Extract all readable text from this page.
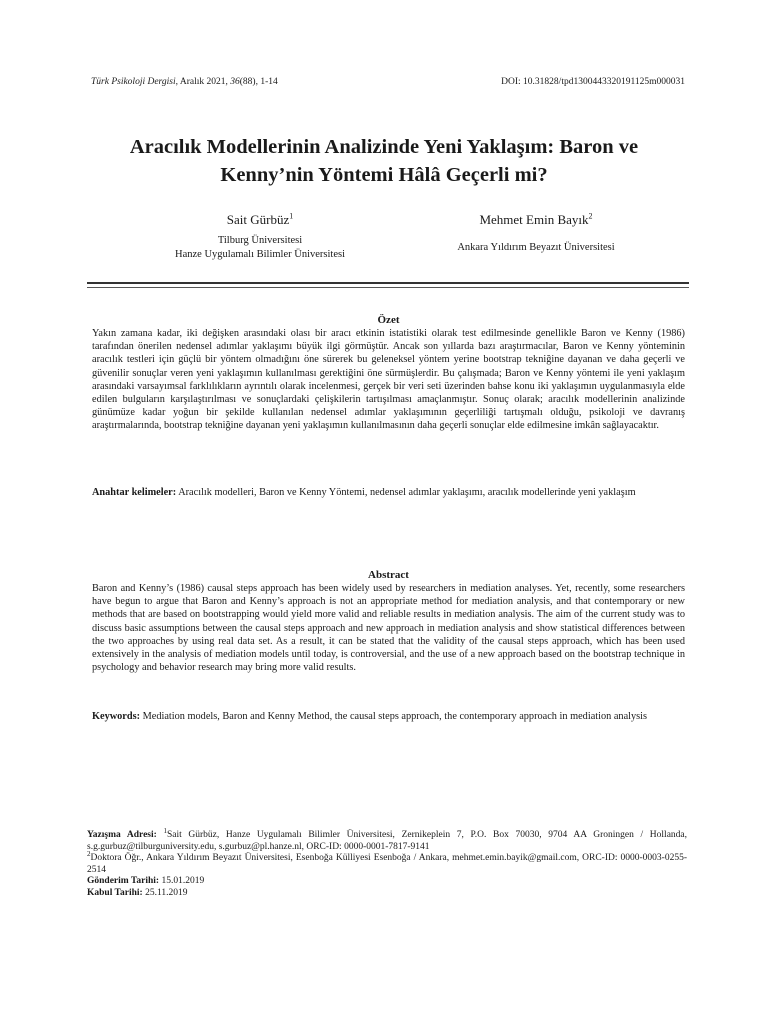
Türk Psikoloji Dergisi, Aralık 2021, 36(88), 1-14	DOI: 10.31828/tpd1300443320191125m000031
Aracılık Modellerinin Analizinde Yeni Yaklaşım: Baron ve
Kenny’nin Yöntemi Hâlâ Geçerli mi?
Sait Gürbüz$^1$
Tilburg Üniversitesi
Hanze Uygulamalı Bilimler Üniversitesi
Mehmet Emin Bayık$^2$
Ankara Yıldırım Beyazıt Üniversitesi

Özet

Yakın zamana kadar, iki değişken arasındaki olası bir aracı etkinin istatistiki olarak test edilmesinde genellikle Baron ve Kenny (1986) tarafından önerilen nedensel adımlar yaklaşımı büyük ilgi görmüştür. Ancak son yıllarda bazı araştırmacılar, Baron ve Kenny yönteminin aracılık testleri için güçlü bir yöntem olmadığını öne sürerek bu geleneksel yöntem yerine bootstrap tekniğine dayanan ve daha geçerli ve güvenilir sonuçlar veren yeni yaklaşımın kullanılması gerektiğini öne sürmüşlerdir. Bu çalışmada; Baron ve Kenny yöntemi ile yeni yaklaşım arasındaki varsayımsal farklılıkların ayrıntılı olarak incelenmesi, gerçek bir veri seti üzerinden bahse konu iki yaklaşımın uygulanmasıyla elde edilen bulguların karşılaştırılması ve sonuçlardaki çelişkilerin tartışılması amaçlanmıştır. Sonuç olarak; aracılık modellerinin analizinde günümüze kadar yoğun bir şekilde kullanılan nedensel adımlar yaklaşımının geçerliliği tartışmalı olduğu, psikoloji ve davranış araştırmalarında, bootstrap tekniğine dayanan yeni yaklaşımın kullanılmasının daha geçerli sonuçlar elde edilmesine imkân sağlayacaktır.

Anahtar kelimeler: Aracılık modelleri, Baron ve Kenny Yöntemi, nedensel adımlar yaklaşımı, aracılık modellerinde yeni yaklaşım

Abstract

Baron and Kenny’s (1986) causal steps approach has been widely used by researchers in mediation analyses. Yet, recently, some researchers have begun to argue that Baron and Kenny’s approach is not an appropriate method for mediation analysis, and that contemporary or new methods that are based on bootstrapping would yield more valid and reliable results in mediation analysis. The aim of the current study was to discuss basic assumptions between the causal steps approach and new approach in mediation analysis and show statistical differences between the two approaches by using real data set. As a result, it can be stated that the validity of the causal steps approach, which has been used extensively in the analysis of mediation models until today, is controversial, and the use of a new approach based on the bootstrap technique in psychology and behavior research may bring more valid results.

Keywords: Mediation models, Baron and Kenny Method, the causal steps approach, the contemporary approach in mediation analysis

Yazışma Adresi: $^1$Sait Gürbüz, Hanze Uygulamalı Bilimler Üniversitesi, Zernikeplein 7, P.O. Box 70030, 9704 AA Groningen / Hollanda, s.g.gurbuz@tilburguniversity.edu, s.gurbuz@pl.hanze.nl, ORC-ID: 0000-0001-7817-9141

$^2$Doktora Öğr., Ankara Yıldırım Beyazıt Üniversitesi, Esenboğa Külliyesi Esenboğa / Ankara, mehmet.emin.bayik@gmail.com, ORC-ID: 0000-0003-0255-2514

Gönderim Tarihi: 15.01.2019

Kabul Tarihi: 25.11.2019
